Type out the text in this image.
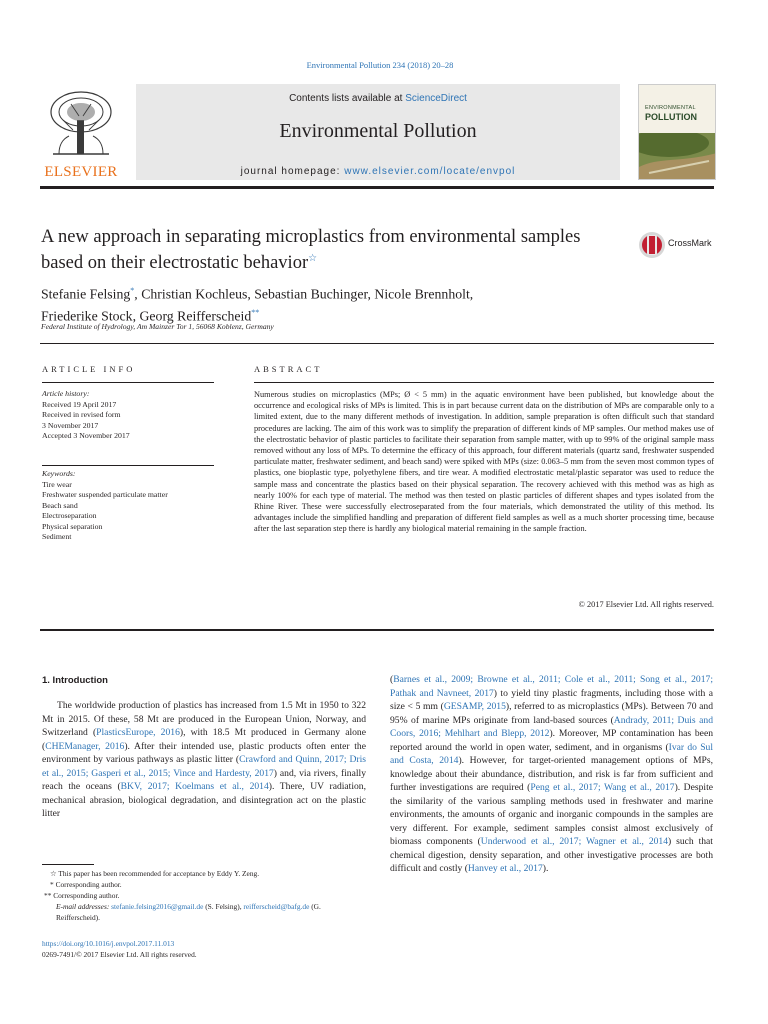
Environmental Pollution 234 (2018) 20–28
ELSEVIER
Contents lists available at ScienceDirect
Environmental Pollution
journal homepage: www.elsevier.com/locate/envpol
ENVIRONMENTAL
POLLUTION
A new approach in separating microplastics from environmental samples based on their electrostatic behavior☆
CrossMark
Stefanie Felsing*, Christian Kochleus, Sebastian Buchinger, Nicole Brennholt,
Friederike Stock, Georg Reifferscheid**
Federal Institute of Hydrology, Am Mainzer Tor 1, 56068 Koblenz, Germany
ARTICLE INFO
Article history:
Received 19 April 2017
Received in revised form
3 November 2017
Accepted 3 November 2017
Keywords:
Tire wear
Freshwater suspended particulate matter
Beach sand
Electroseparation
Physical separation
Sediment
ABSTRACT
Numerous studies on microplastics (MPs; Ø < 5 mm) in the aquatic environment have been published, but knowledge about the occurrence and ecological risks of MPs is limited. This is in part because current data on the distribution of MPs are comparable only to a limited extent, due to the many different methods of investigation. In addition, sample preparation is often difficult such that standard procedures are lacking. The aim of this work was to simplify the preparation of different kinds of MP samples. Our method makes use of the electrostatic behavior of plastic particles to facilitate their separation from sample matter, with up to 99% of the original sample mass removed without any loss of MPs. To determine the efficacy of this approach, four different materials (quartz sand, freshwater suspended particulate matter, freshwater sediment, and beach sand) were spiked with MPs (size: 0.063–5 mm from the seven most common types of plastics, one bioplastic type, polyethylene fibers, and tire wear. A modified electrostatic metal/plastic separator was used to reduce the sample mass and concentrate the plastics based on their physical separation. The recovery achieved with this method was as high as nearly 100% for each type of material. The method was then tested on plastic particles of different shapes and types isolated from the Rhine River. These were successfully electroseparated from the four materials, which demonstrated the utility of this method. Its advantages include the simplified handling and preparation of different field samples as well as a much shorter processing time, because after the last separation step there is hardly any biological material remaining in the sample fraction.
© 2017 Elsevier Ltd. All rights reserved.
1. Introduction

The worldwide production of plastics has increased from 1.5 Mt in 1950 to 322 Mt in 2015. Of these, 58 Mt are produced in the European Union, Norway, and Switzerland (PlasticsEurope, 2016), with 18.5 Mt produced in Germany alone (CHEManager, 2016). After their intended use, plastic products often enter the environment by various pathways as plastic litter (Crawford and Quinn, 2017; Dris et al., 2015; Gasperi et al., 2015; Vince and Hardesty, 2017) and, via rivers, finally reach the oceans (BKV, 2017; Koelmans et al., 2014). There, UV radiation, mechanical abrasion, biological degradation, and disintegration act on the plastic litter

(Barnes et al., 2009; Browne et al., 2011; Cole et al., 2011; Song et al., 2017; Pathak and Navneet, 2017) to yield tiny plastic fragments, including those with a size < 5 mm (GESAMP, 2015), referred to as microplastics (MPs). Between 70 and 95% of marine MPs originate from land-based sources (Andrady, 2011; Duis and Coors, 2016; Mehlhart and Blepp, 2012). Moreover, MP contamination has been reported around the world in open water, sediment, and in organisms (Ivar do Sul and Costa, 2014). However, for target-oriented management options of MPs, knowledge about their abundance, distribution, and risk is far from sufficient and further investigations are required (Peng et al., 2017; Wang et al., 2017). Despite the similarity of the various sampling methods used in freshwater and marine environments, the amounts of organic and inorganic compounds in the samples are very different. For example, sediment samples consist almost exclusively of biomass components (Underwood et al., 2017; Wagner et al., 2014) such that chemical digestion, density separation, and other investigative processes are both difficult and costly (Hanvey et al., 2017).

☆ This paper has been recommended for acceptance by Eddy Y. Zeng.
* Corresponding author.
** Corresponding author.
E-mail addresses: stefanie.felsing2016@gmail.de (S. Felsing), reifferscheid@bafg.de (G. Reifferscheid).
https://doi.org/10.1016/j.envpol.2017.11.013
0269-7491/© 2017 Elsevier Ltd. All rights reserved.
